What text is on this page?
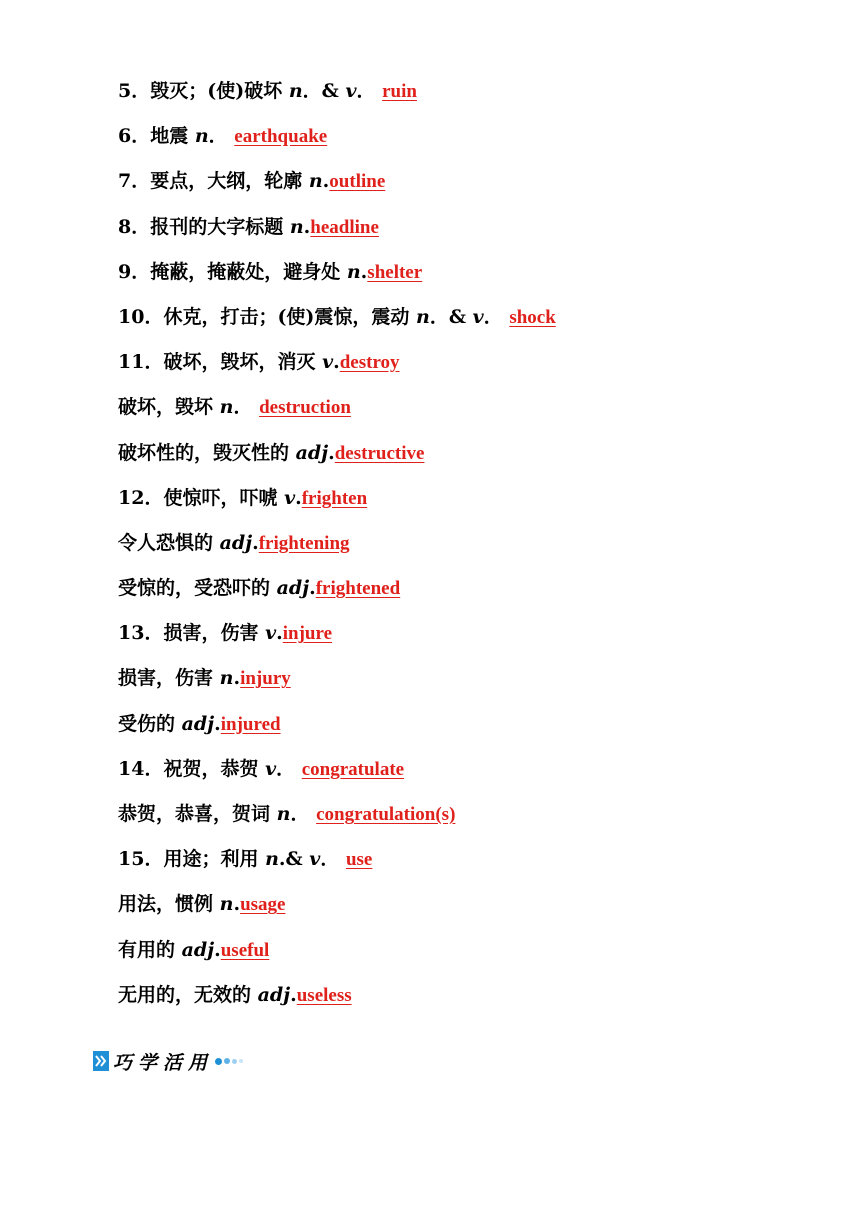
5．毁灭；(使)破坏 n．& v． ruin
6．地震 n． earthquake
7．要点，大纲，轮廓 n.outline
8．报刊的大字标题 n.headline
9．掩蔽，掩蔽处，避身处 n.shelter
10．休克，打击；(使)震惊，震动 n．& v． shock
11．破坏，毁坏，消灭 v.destroy
破坏，毁坏 n． destruction
破坏性的，毁灭性的 adj.destructive
12．使惊吓，吓唬 v.frighten
令人恐惧的 adj.frightening
受惊的，受恐吓的 adj.frightened
13．损害，伤害 v.injure
损害，伤害 n.injury
受伤的 adj.injured
14．祝贺，恭贺 v． congratulate
恭贺，恭喜，贺词 n． congratulation(s)
15．用途；利用 n.& v． use
用法，惯例 n.usage
有用的 adj.useful
无用的，无效的 adj.useless
巧学活用
